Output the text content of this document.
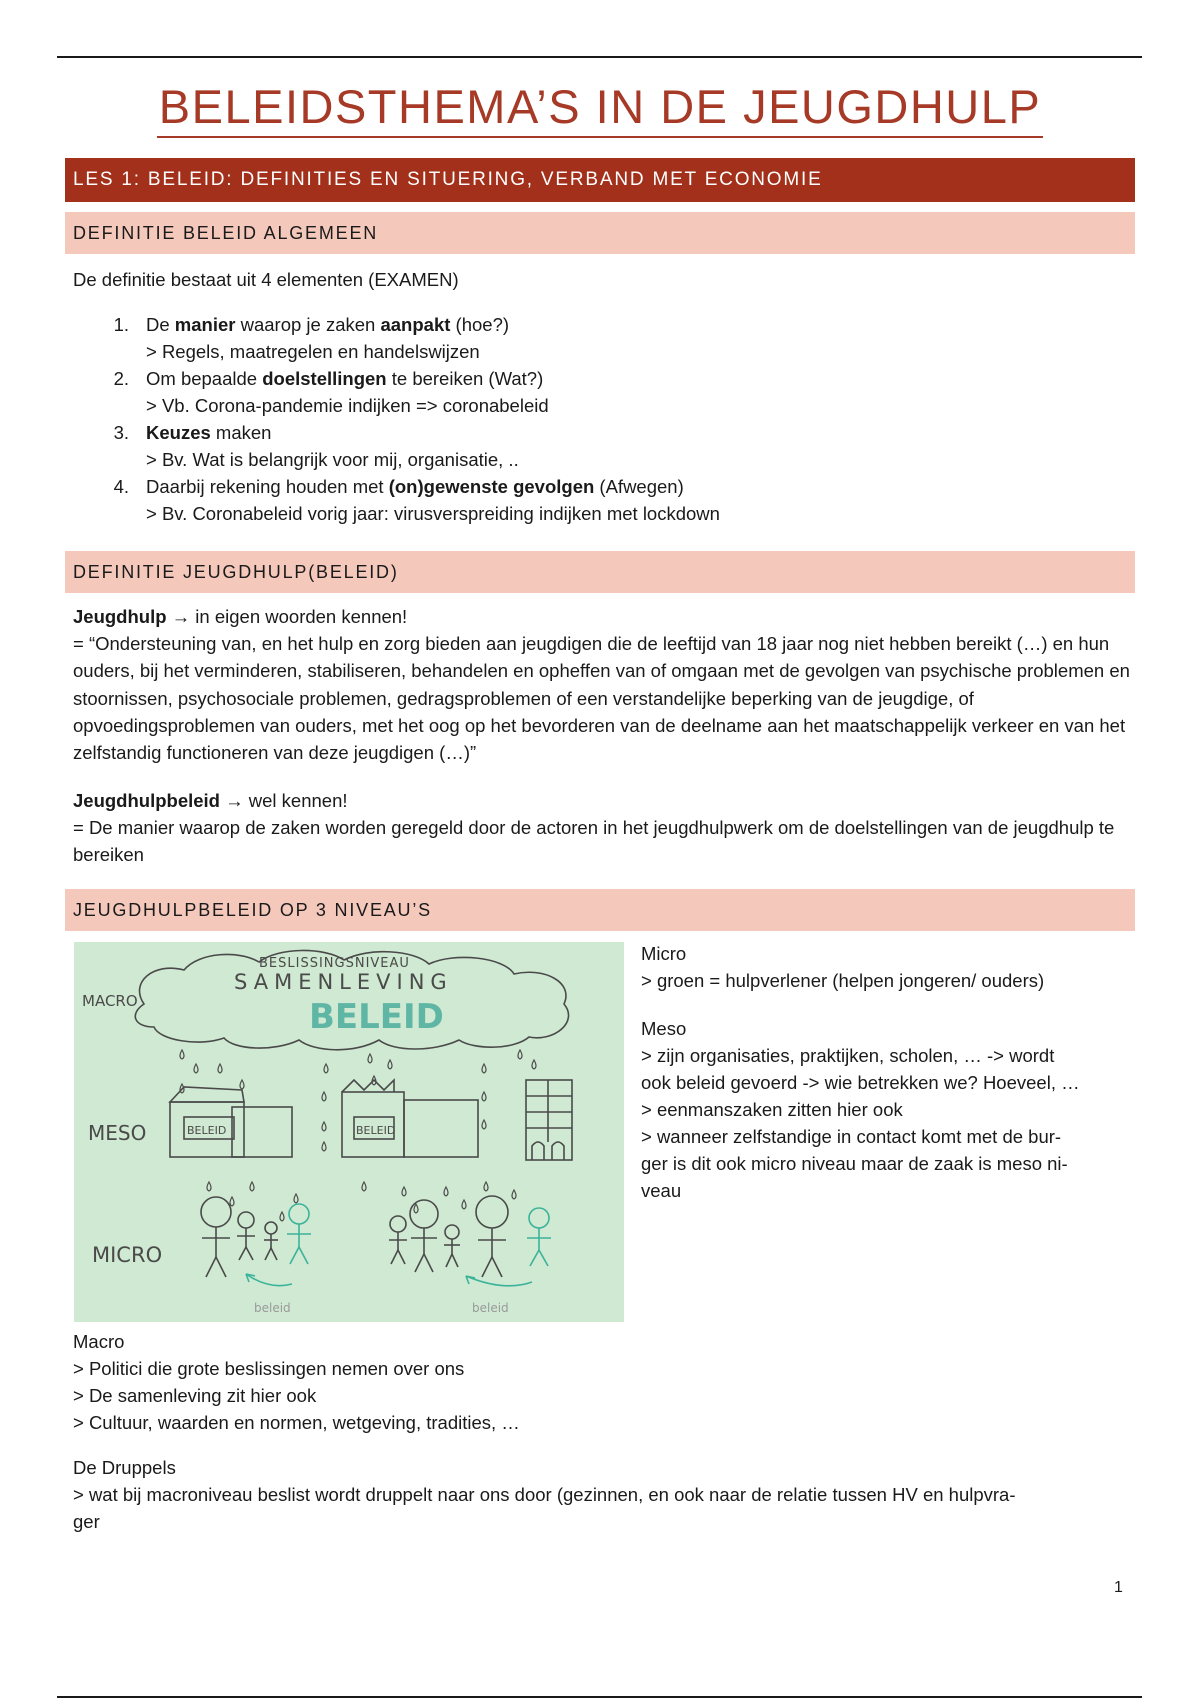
BELEIDSTHEMA’S IN DE JEUGDHULP
LES 1: BELEID: DEFINITIES EN SITUERING, VERBAND MET ECONOMIE
DEFINITIE BELEID ALGEMEEN
De definitie bestaat uit 4 elementen (EXAMEN)
1. De manier waarop je zaken aanpakt (hoe?)
> Regels, maatregelen en handelswijzen
2. Om bepaalde doelstellingen te bereiken (Wat?)
> Vb. Corona-pandemie indijken => coronabeleid
3. Keuzes maken
> Bv. Wat is belangrijk voor mij, organisatie, ..
4. Daarbij rekening houden met (on)gewenste gevolgen (Afwegen)
> Bv. Coronabeleid vorig jaar: virusverspreiding indijken met lockdown
DEFINITIE JEUGDHULP(BELEID)
Jeugdhulp → in eigen woorden kennen!
= “Ondersteuning van, en het hulp en zorg bieden aan jeugdigen die de leeftijd van 18 jaar nog niet hebben bereikt (…) en hun ouders, bij het verminderen, stabiliseren, behandelen en opheffen van of omgaan met de gevolgen van psychische problemen en stoornissen, psychosociale problemen, gedragsproblemen of een verstandelijke beperking van de jeugdige, of opvoedingsproblemen van ouders, met het oog op het bevorderen van de deelname aan het maatschappelijk verkeer en van het zelfstandig functioneren van deze jeugdigen (…)”
Jeugdhulpbeleid → wel kennen!
= De manier waarop de zaken worden geregeld door de actoren in het jeugdhulpwerk om de doelstellingen van de jeugdhulp te bereiken
JEUGDHULPBELEID OP 3 NIVEAU’S
BESLISSINGSNIVEAU
SAMENLEVING
BELEID
MACRO
MESO
MICRO
BELEID	BELEID
beleid	beleid
Micro
> groen = hulpverlener (helpen jongeren/ ouders)
Meso
> zijn organisaties, praktijken, scholen, … -> wordt
ook beleid gevoerd -> wie betrekken we? Hoeveel, …
> eenmanszaken zitten hier ook
> wanneer zelfstandige in contact komt met de bur-
ger is dit ook micro niveau maar de zaak is meso ni-
veau
Macro
> Politici die grote beslissingen nemen over ons
> De samenleving zit hier ook
> Cultuur, waarden en normen, wetgeving, tradities, …
De Druppels
> wat bij macroniveau beslist wordt druppelt naar ons door (gezinnen, en ook naar de relatie tussen HV en hulpvra-
ger
1
